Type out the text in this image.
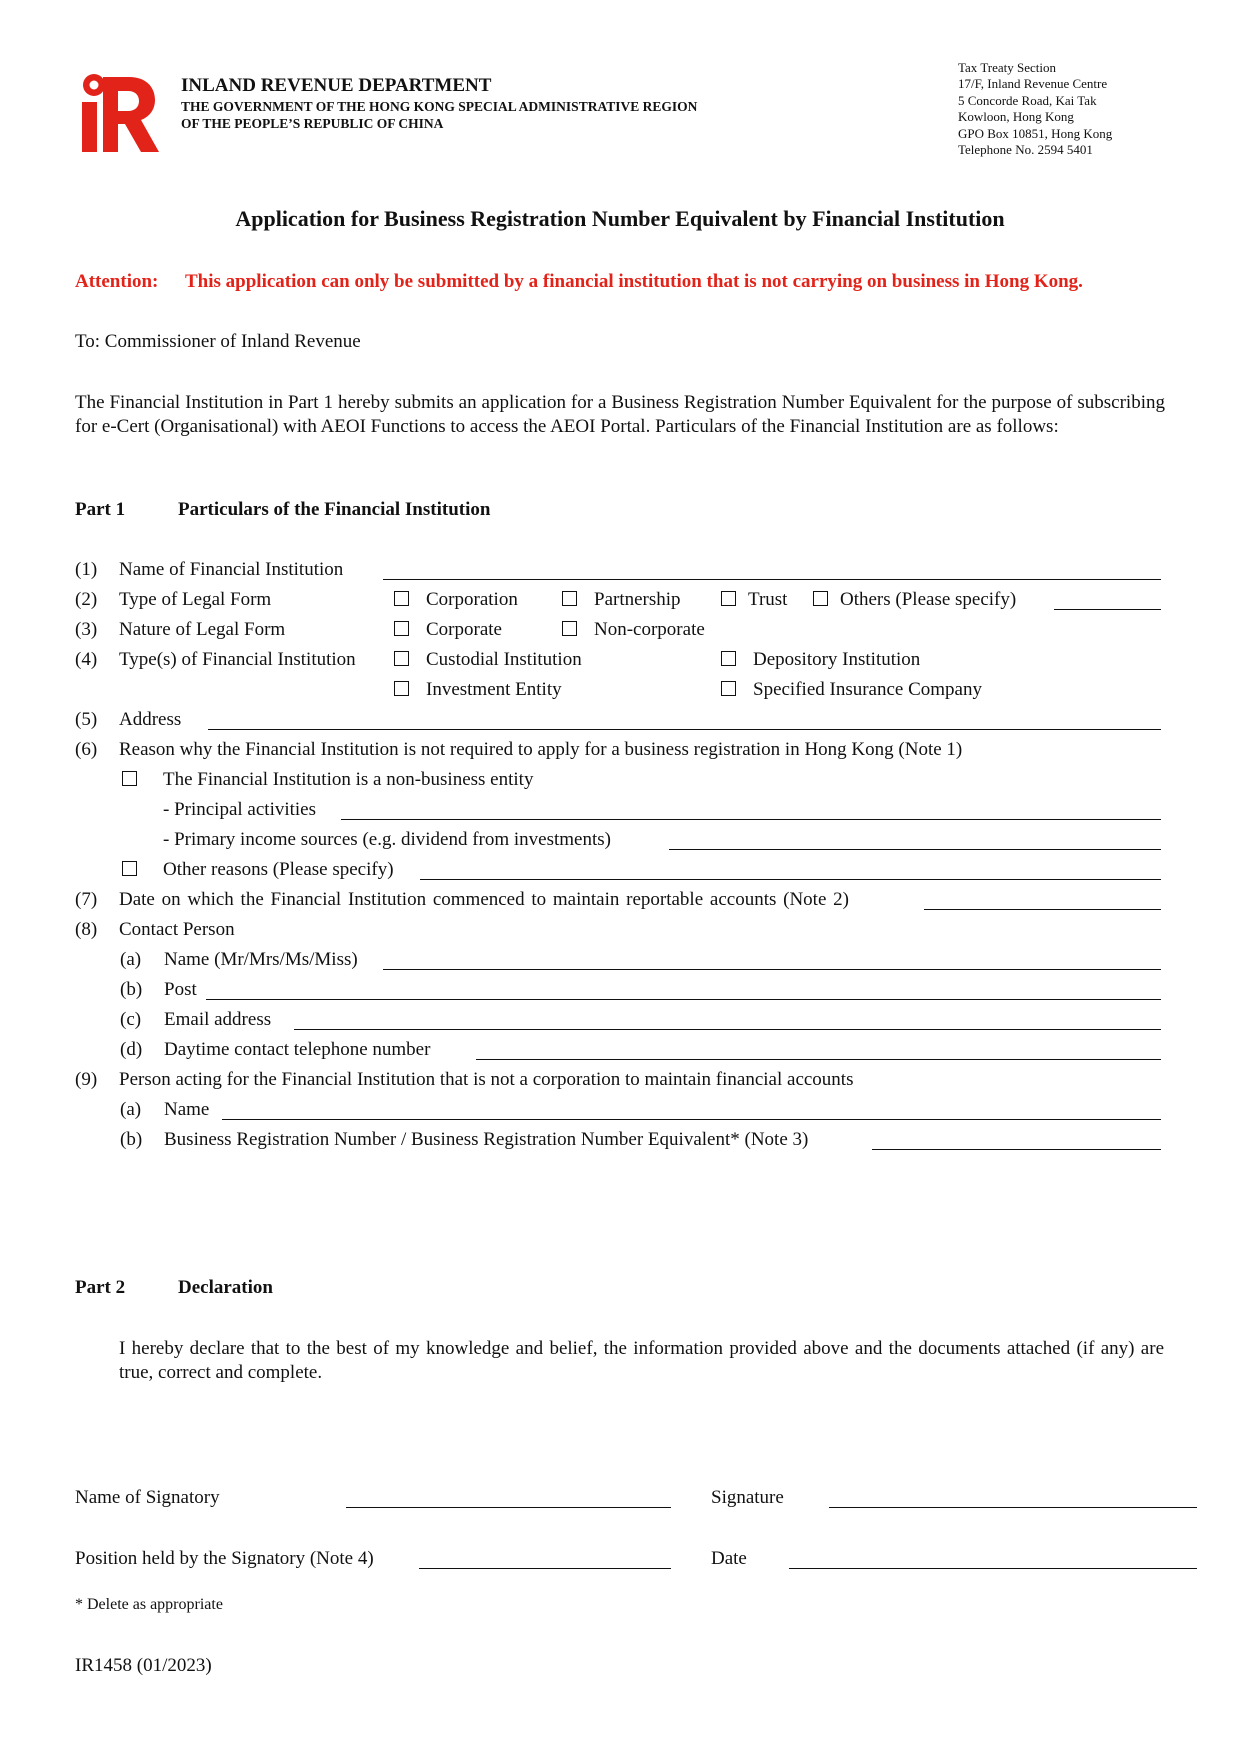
INLAND REVENUE DEPARTMENT
THE GOVERNMENT OF THE HONG KONG SPECIAL ADMINISTRATIVE REGION
OF THE PEOPLE’S REPUBLIC OF CHINA
Tax Treaty Section
17/F, Inland Revenue Centre
5 Concorde Road, Kai Tak
Kowloon, Hong Kong
GPO Box 10851, Hong Kong
Telephone No. 2594 5401
Application for Business Registration Number Equivalent by Financial Institution
Attention: This application can only be submitted by a financial institution that is not carrying on business in Hong Kong.
To: Commissioner of Inland Revenue
The Financial Institution in Part 1 hereby submits an application for a Business Registration Number Equivalent for the purpose of subscribing for e-Cert (Organisational) with AEOI Functions to access the AEOI Portal. Particulars of the Financial Institution are as follows:
Part 1	Particulars of the Financial Institution
(1) Name of Financial Institution
(2) Type of Legal Form	Corporation	Partnership	Trust	Others (Please specify)
(3) Nature of Legal Form	Corporate	Non-corporate
(4) Type(s) of Financial Institution	Custodial Institution	Depository Institution
Investment Entity	Specified Insurance Company
(5) Address
(6) Reason why the Financial Institution is not required to apply for a business registration in Hong Kong (Note 1)
The Financial Institution is a non-business entity
- Principal activities
- Primary income sources (e.g. dividend from investments)
Other reasons (Please specify)
(7) Date on which the Financial Institution commenced to maintain reportable accounts (Note 2)
(8) Contact Person
(a) Name (Mr/Mrs/Ms/Miss)
(b) Post
(c) Email address
(d) Daytime contact telephone number
(9) Person acting for the Financial Institution that is not a corporation to maintain financial accounts
(a) Name
(b) Business Registration Number / Business Registration Number Equivalent* (Note 3)
Part 2	Declaration
I hereby declare that to the best of my knowledge and belief, the information provided above and the documents attached (if any) are true, correct and complete.
Name of Signatory	Signature
Position held by the Signatory (Note 4)	Date
* Delete as appropriate
IR1458 (01/2023)
